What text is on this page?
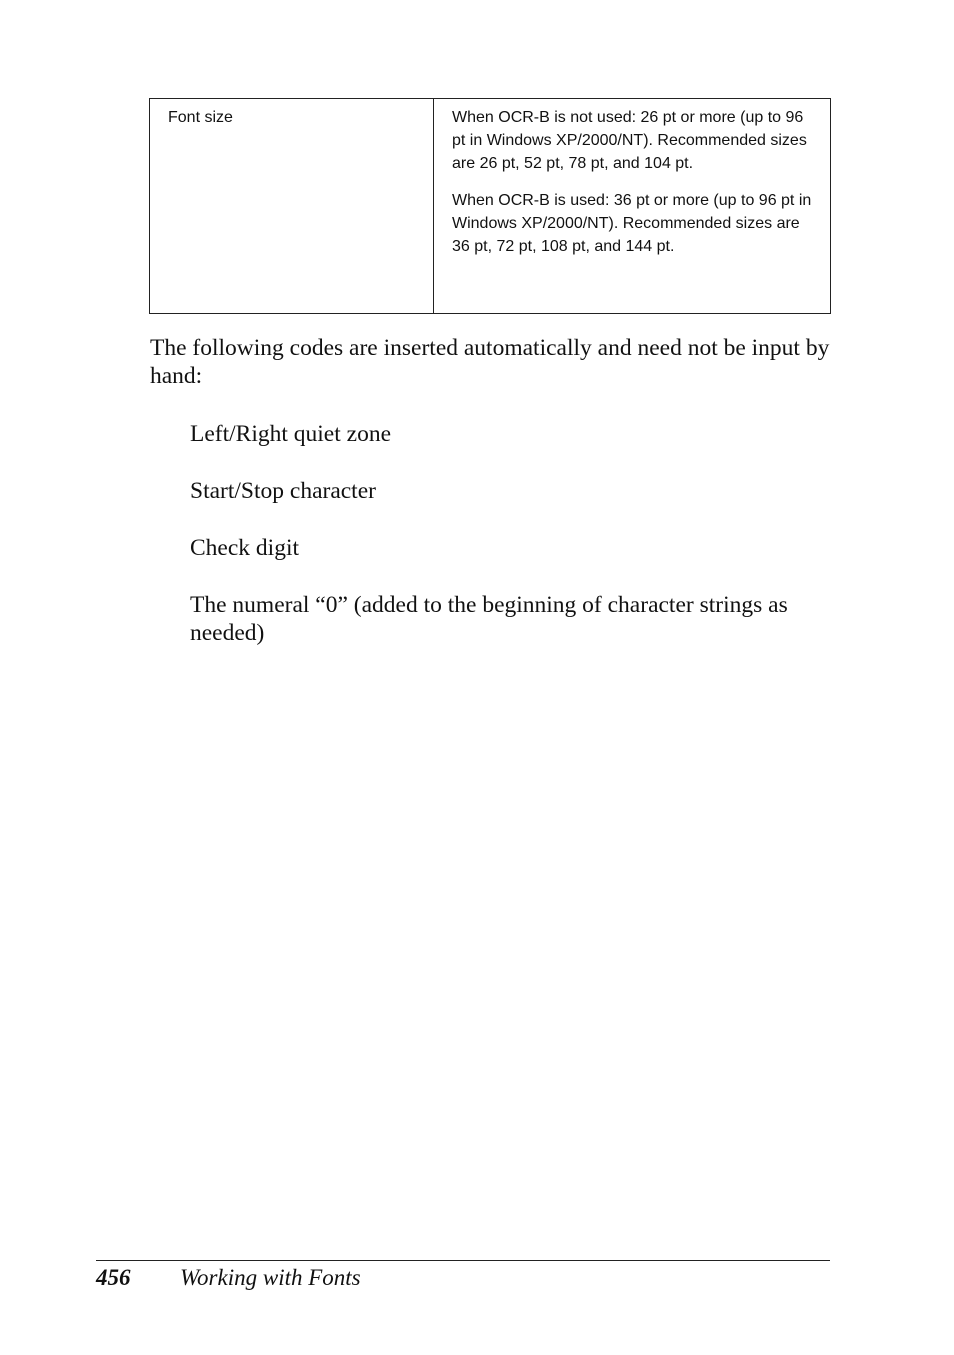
Font size	When OCR-B is not used: 26 pt or more (up to 96 pt in Windows XP/2000/NT). Recommended sizes are 26 pt, 52 pt, 78 pt, and 104 pt.

When OCR-B is used: 36 pt or more (up to 96 pt in Windows XP/2000/NT). Recommended sizes are 36 pt, 72 pt, 108 pt, and 144 pt.

The following codes are inserted automatically and need not be input by hand:

Left/Right quiet zone
Start/Stop character
Check digit
The numeral “0” (added to the beginning of character strings as needed)
456 Working with Fonts
